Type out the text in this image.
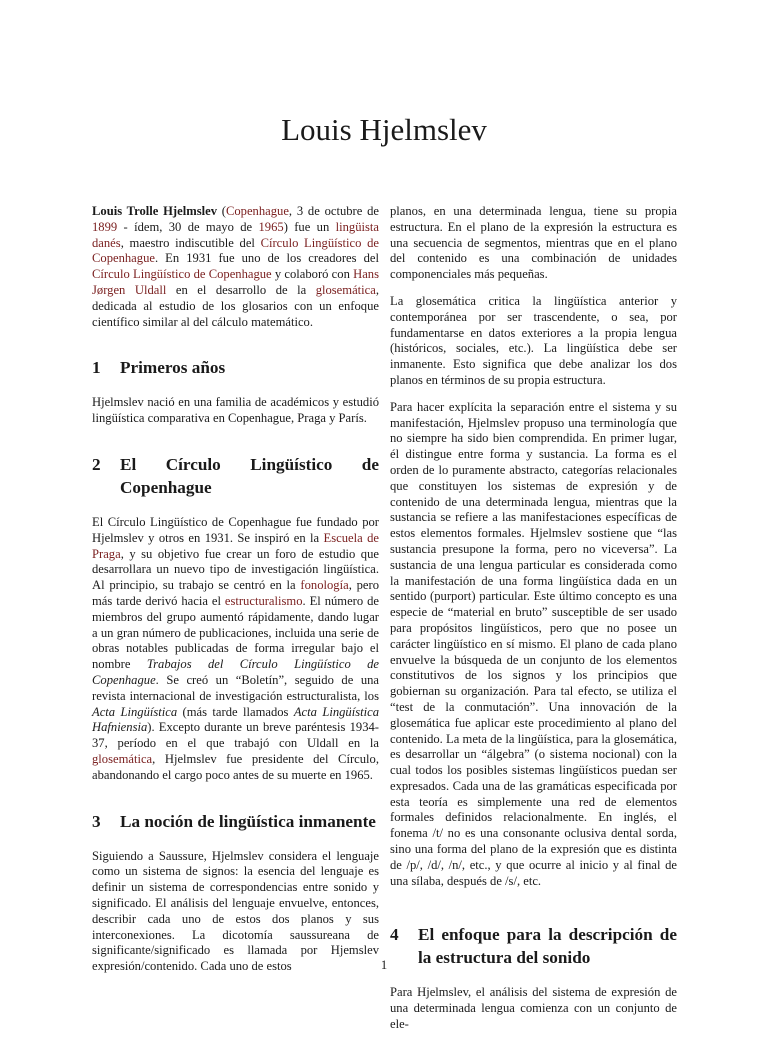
Louis Hjelmslev

Louis Trolle Hjelmslev (Copenhague, 3 de octubre de 1899 - ídem, 30 de mayo de 1965) fue un lingüista danés, maestro indiscutible del Círculo Lingüístico de Copenhague. En 1931 fue uno de los creadores del Círculo Lingüístico de Copenhague y colaboró con Hans Jørgen Uldall en el desarrollo de la glosemática, dedicada al estudio de los glosarios con un enfoque científico similar al del cálculo matemático.

1	Primeros años

Hjelmslev nació en una familia de académicos y estudió lingüística comparativa en Copenhague, Praga y París.

2	El Círculo Lingüístico de Copenhague

El Círculo Lingüístico de Copenhague fue fundado por Hjelmslev y otros en 1931. Se inspiró en la Escuela de Praga, y su objetivo fue crear un foro de estudio que desarrollara un nuevo tipo de investigación lingüística. Al principio, su trabajo se centró en la fonología, pero más tarde derivó hacia el estructuralismo. El número de miembros del grupo aumentó rápidamente, dando lugar a un gran número de publicaciones, incluida una serie de obras notables publicadas de forma irregular bajo el nombre Trabajos del Círculo Lingüístico de Copenhague. Se creó un “Boletín”, seguido de una revista internacional de investigación estructuralista, los Acta Lingüística (más tarde llamados Acta Lingüística Hafniensia). Excepto durante un breve paréntesis 1934-37, período en el que trabajó con Uldall en la glosemática, Hjelmslev fue presidente del Círculo, abandonando el cargo poco antes de su muerte en 1965.

3	La noción de lingüística inmanente

Siguiendo a Saussure, Hjelmslev considera el lenguaje como un sistema de signos: la esencia del lenguaje es definir un sistema de correspondencias entre sonido y significado. El análisis del lenguaje envuelve, entonces, describir cada uno de estos dos planos y sus interconexiones. La dicotomía saussureana de significante/significado es llamada por Hjemslev expresión/contenido. Cada uno de estos

planos, en una determinada lengua, tiene su propia estructura. En el plano de la expresión la estructura es una secuencia de segmentos, mientras que en el plano del contenido es una combinación de unidades componenciales más pequeñas.

La glosemática critica la lingüística anterior y contemporánea por ser trascendente, o sea, por fundamentarse en datos exteriores a la propia lengua (históricos, sociales, etc.). La lingüística debe ser inmanente. Esto significa que debe analizar los dos planos en términos de su propia estructura.

Para hacer explícita la separación entre el sistema y su manifestación, Hjelmslev propuso una terminología que no siempre ha sido bien comprendida. En primer lugar, él distingue entre forma y sustancia. La forma es el orden de lo puramente abstracto, categorías relacionales que constituyen los sistemas de expresión y de contenido de una determinada lengua, mientras que la sustancia se refiere a las manifestaciones específicas de estos elementos formales. Hjelmslev sostiene que “las sustancia presupone la forma, pero no viceversa”. La sustancia de una lengua particular es considerada como la manifestación de una forma lingüística dada en un sentido (purport) particular. Este último concepto es una especie de “material en bruto” susceptible de ser usado para propósitos lingüísticos, pero que no posee un carácter lingüístico en sí mismo. El plano de cada plano envuelve la búsqueda de un conjunto de los elementos constitutivos de los signos y los principios que gobiernan su organización. Para tal efecto, se utiliza el “test de la conmutación”. Una innovación de la glosemática fue aplicar este procedimiento al plano del contenido. La meta de la lingüística, para la glosemática, es desarrollar un “álgebra” (o sistema nocional) con la cual todos los posibles sistemas lingüísticos puedan ser expresados. Cada una de las gramáticas especificada por esta teoría es simplemente una red de elementos formales definidos relacionalmente. En inglés, el fonema /t/ no es una consonante oclusiva dental sorda, sino una forma del plano de la expresión que es distinta de /p/, /d/, /n/, etc., y que ocurre al inicio y al final de una sílaba, después de /s/, etc.

4	El enfoque para la descripción de la estructura del sonido

Para Hjelmslev, el análisis del sistema de expresión de una determinada lengua comienza con un conjunto de ele-

1
